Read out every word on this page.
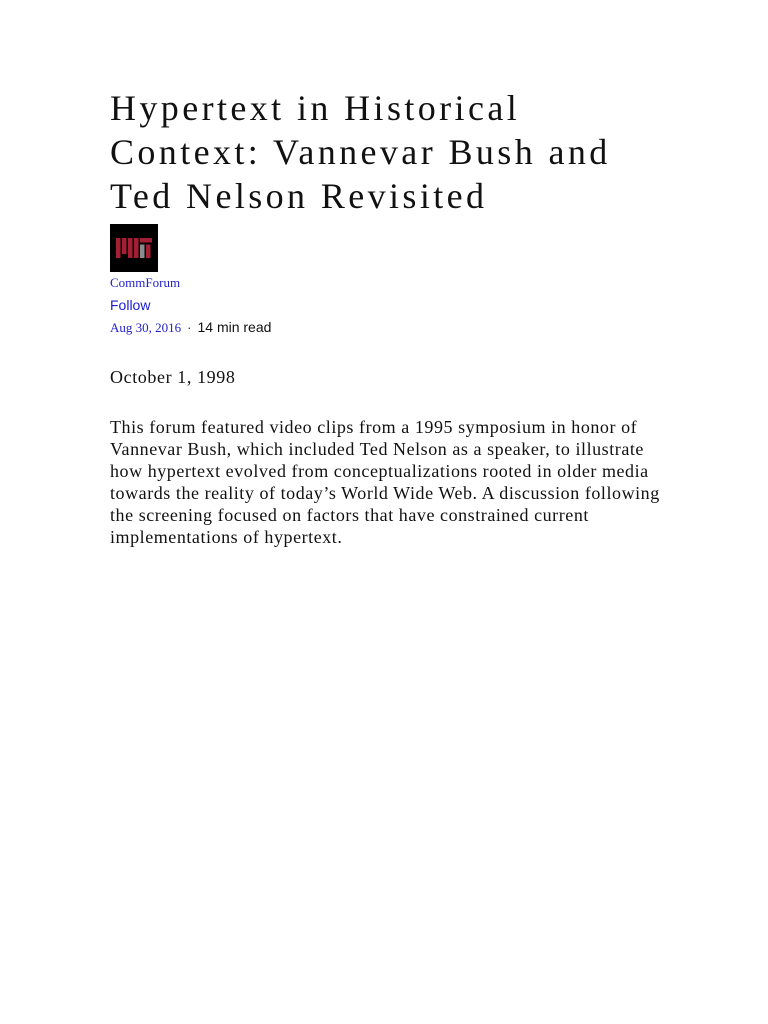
Hypertext in Historical Context: Vannevar Bush and Ted Nelson Revisited
CommForum
Follow
Aug 30, 2016 · 14 min read
October 1, 1998

This forum featured video clips from a 1995 symposium in honor of Vannevar Bush, which included Ted Nelson as a speaker, to illustrate how hypertext evolved from conceptualizations rooted in older media towards the reality of today’s World Wide Web. A discussion following the screening focused on factors that have constrained current implementations of hypertext.
